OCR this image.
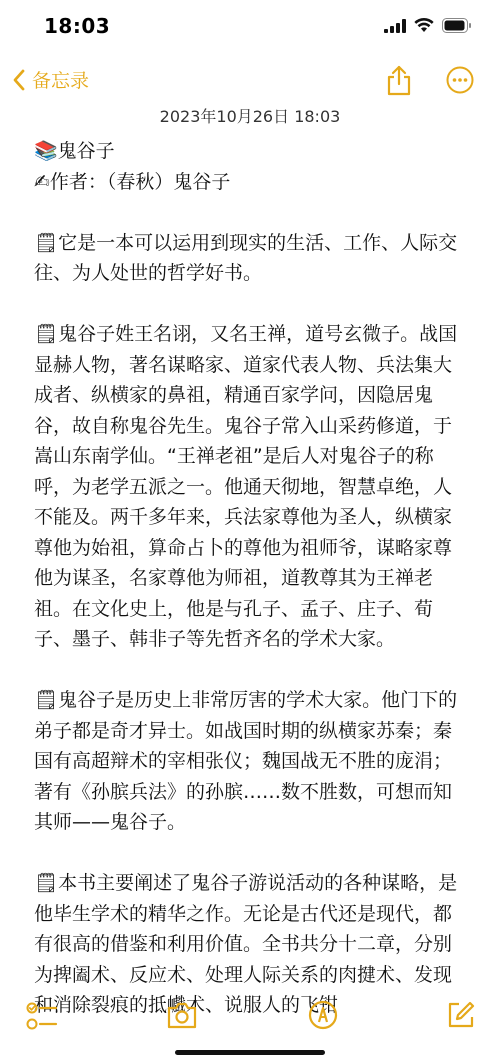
18:03
备忘录
2023年10月26日 18:03

📚鬼谷子

✍作者：（春秋）鬼谷子

🗒它是一本可以运用到现实的生活、工作、人际交往、为人处世的哲学好书。

🗒鬼谷子姓王名诩，又名王禅，道号玄微子。战国显赫人物，著名谋略家、道家代表人物、兵法集大成者、纵横家的鼻祖，精通百家学问，因隐居鬼谷，故自称鬼谷先生。鬼谷子常入山采药修道，于嵩山东南学仙。“王禅老祖”是后人对鬼谷子的称呼，为老学五派之一。他通天彻地，智慧卓绝，人不能及。两千多年来，兵法家尊他为圣人，纵横家尊他为始祖，算命占卜的尊他为祖师爷，谋略家尊他为谋圣，名家尊他为师祖，道教尊其为王禅老祖。在文化史上，他是与孔子、孟子、庄子、荀子、墨子、韩非子等先哲齐名的学术大家。

🗒鬼谷子是历史上非常厉害的学术大家。他门下的弟子都是奇才异士。如战国时期的纵横家苏秦；秦国有高超辩术的宰相张仪；魏国战无不胜的庞涓；著有《孙膑兵法》的孙膑……数不胜数，可想而知其师——鬼谷子。

🗒本书主要阐述了鬼谷子游说活动的各种谋略，是他毕生学术的精华之作。无论是古代还是现代，都有很高的借鉴和利用价值。全书共分十二章，分别为捭阖术、反应术、处理人际关系的肉揵术、发现和消除裂痕的抵巇术、说服人的飞钳
